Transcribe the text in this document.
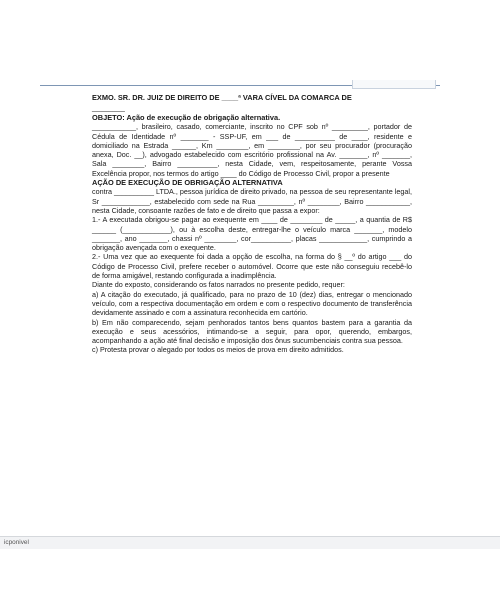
EXMO. SR. DR. JUIZ DE DIREITO DE ____ª VARA CÍVEL DA COMARCA DE

________

OBJETO: Ação de execução de obrigação alternativa.

___________, brasileiro, casado, comerciante, inscrito no CPF sob nº _________, portador de Cédula de Identidade nº _______ - SSP-UF, em ___ de __________ de ____, residente e domiciliado na Estrada ______, Km ________, em ________, por seu procurador (procuração anexa, Doc. __), advogado estabelecido com escritório profissional na Av. _______, nº _______, Sala ________, Bairro __________, nesta Cidade, vem, respeitosamente, perante Vossa Excelência propor, nos termos do artigo ____ do Código de Processo Civil, propor a presente

AÇÃO DE EXECUÇÃO DE OBRIGAÇÃO ALTERNATIVA

contra __________ LTDA., pessoa jurídica de direito privado, na pessoa de seu representante legal, Sr ____________, estabelecido com sede na Rua _________, nº ________, Bairro ___________, nesta Cidade, consoante razões de fato e de direito que passa a expor:

1.- A executada obrigou-se pagar ao exequente em ____ de ________ de _____, a quantia de R$ ______ (____________), ou à escolha deste, entregar-lhe o veículo marca _______, modelo _______, ano _______, chassi nº ________, cor__________, placas ____________, cumprindo a obrigação avençada com o exequente.

2.- Uma vez que ao exequente foi dada a opção de escolha, na forma do § __º do artigo ___ do Código de Processo Civil, prefere receber o automóvel. Ocorre que este não conseguiu recebê-lo de forma amigável, restando configurada a inadimplência.

Diante do exposto, considerando os fatos narrados no presente pedido, requer:

a) A citação do executado, já qualificado, para no prazo de 10 (dez) dias, entregar o mencionado veículo, com a respectiva documentação em ordem e com o respectivo documento de transferência devidamente assinado e com a assinatura reconhecida em cartório.

b) Em não comparecendo, sejam penhorados tantos bens quantos bastem para a garantia da execução e seus acessórios, intimando-se a seguir, para opor, querendo, embargos, acompanhando a ação até final decisão e imposição dos ônus sucumbenciais contra sua pessoa.

c) Protesta provar o alegado por todos os meios de prova em direito admitidos.

icponivel
